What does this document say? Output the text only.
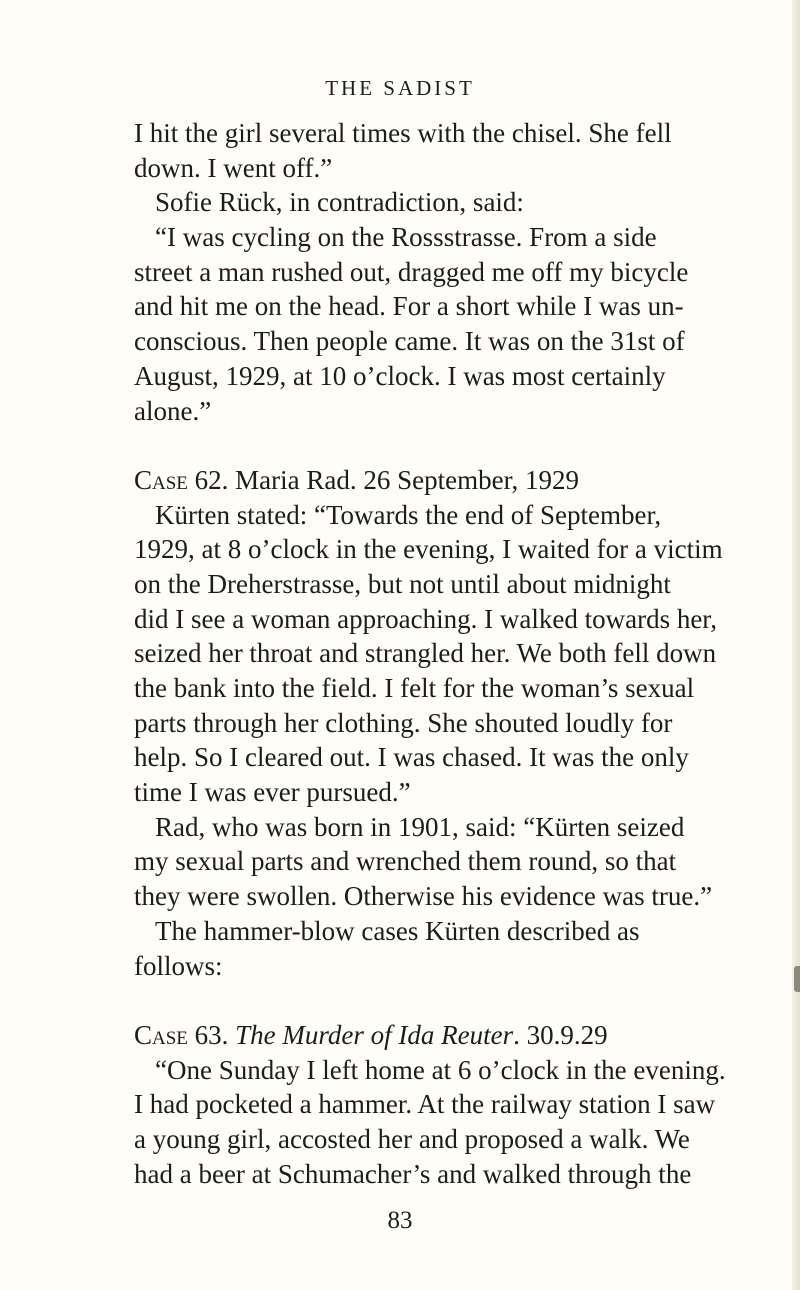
THE SADIST
I hit the girl several times with the chisel. She fell
down. I went off.”
Sofie Rück, in contradiction, said:
“I was cycling on the Rossstrasse. From a side
street a man rushed out, dragged me off my bicycle
and hit me on the head. For a short while I was un-
conscious. Then people came. It was on the 31st of
August, 1929, at 10 o’clock. I was most certainly
alone.”
Case 62. Maria Rad. 26 September, 1929
Kürten stated: “Towards the end of September,
1929, at 8 o’clock in the evening, I waited for a victim
on the Dreherstrasse, but not until about midnight
did I see a woman approaching. I walked towards her,
seized her throat and strangled her. We both fell down
the bank into the field. I felt for the woman’s sexual
parts through her clothing. She shouted loudly for
help. So I cleared out. I was chased. It was the only
time I was ever pursued.”
Rad, who was born in 1901, said: “Kürten seized
my sexual parts and wrenched them round, so that
they were swollen. Otherwise his evidence was true.”
The hammer-blow cases Kürten described as
follows:
Case 63. The Murder of Ida Reuter. 30.9.29
“One Sunday I left home at 6 o’clock in the evening.
I had pocketed a hammer. At the railway station I saw
a young girl, accosted her and proposed a walk. We
had a beer at Schumacher’s and walked through the
83
